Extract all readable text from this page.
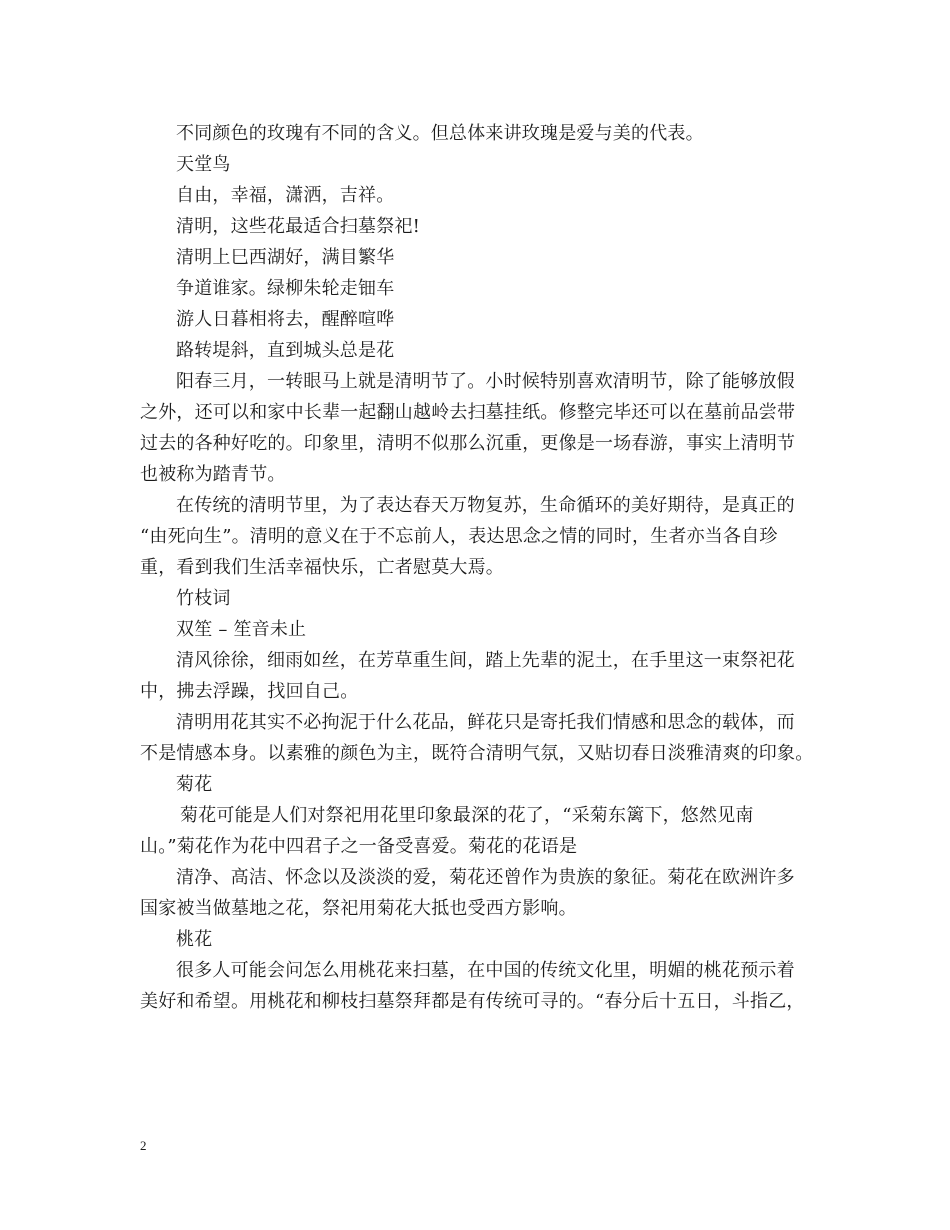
不同颜色的玫瑰有不同的含义。但总体来讲玫瑰是爱与美的代表。
天堂鸟
自由，幸福，潇洒，吉祥。
清明，这些花最适合扫墓祭祀!
清明上巳西湖好，满目繁华
争道谁家。绿柳朱轮走钿车
游人日暮相将去，醒醉喧哗
路转堤斜，直到城头总是花
阳春三月，一转眼马上就是清明节了。小时候特别喜欢清明节，除了能够放假
之外，还可以和家中长辈一起翻山越岭去扫墓挂纸。修整完毕还可以在墓前品尝带
过去的各种好吃的。印象里，清明不似那么沉重，更像是一场春游，事实上清明节
也被称为踏青节。
在传统的清明节里，为了表达春天万物复苏，生命循环的美好期待，是真正的
“由死向生”。清明的意义在于不忘前人，表达思念之情的同时，生者亦当各自珍
重，看到我们生活幸福快乐，亡者慰莫大焉。
竹枝词
双笙 – 笙音未止
清风徐徐，细雨如丝，在芳草重生间，踏上先辈的泥土，在手里这一束祭祀花
中，拂去浮躁，找回自己。
清明用花其实不必拘泥于什么花品，鲜花只是寄托我们情感和思念的载体，而
不是情感本身。以素雅的颜色为主，既符合清明气氛，又贴切春日淡雅清爽的印象。
菊花
菊花可能是人们对祭祀用花里印象最深的花了，“采菊东篱下，悠然见南
山。”菊花作为花中四君子之一备受喜爱。菊花的花语是
清净、高洁、怀念以及淡淡的爱，菊花还曾作为贵族的象征。菊花在欧洲许多
国家被当做墓地之花，祭祀用菊花大抵也受西方影响。
桃花
很多人可能会问怎么用桃花来扫墓，在中国的传统文化里，明媚的桃花预示着
美好和希望。用桃花和柳枝扫墓祭拜都是有传统可寻的。“春分后十五日，斗指乙，
2
